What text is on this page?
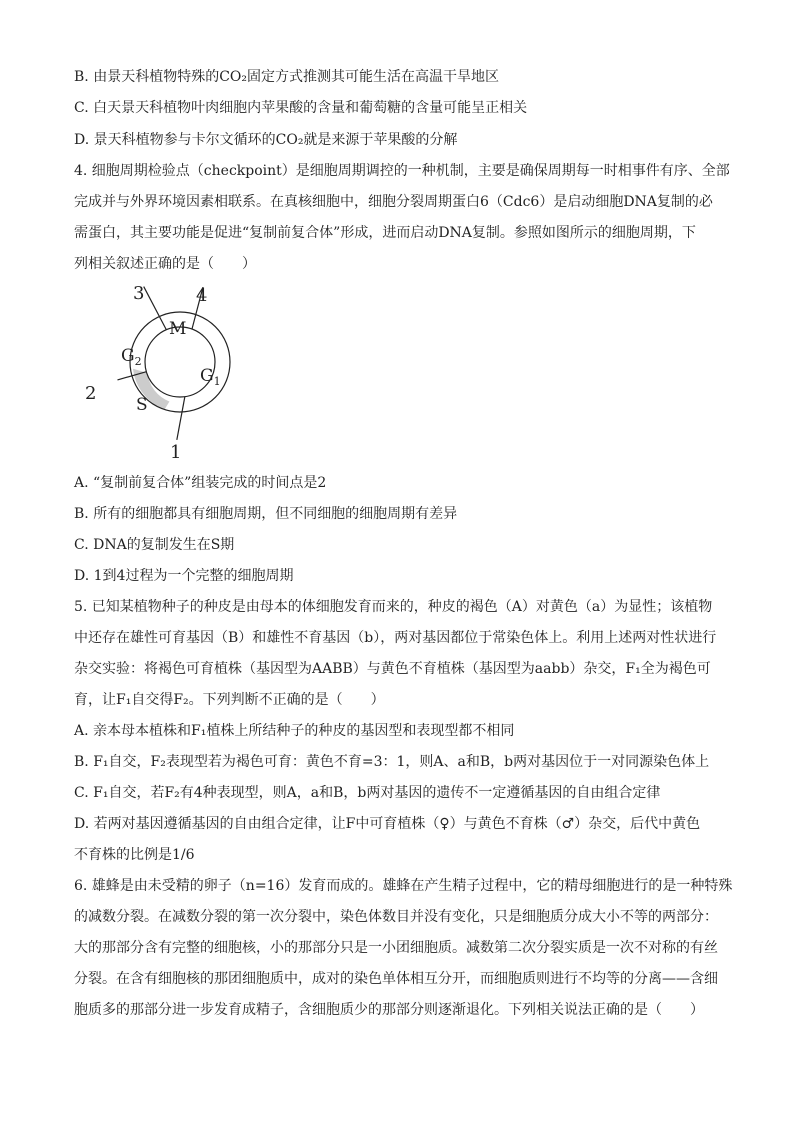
B. 由景天科植物特殊的CO₂固定方式推测其可能生活在高温干旱地区
C. 白天景天科植物叶肉细胞内苹果酸的含量和葡萄糖的含量可能呈正相关
D. 景天科植物参与卡尔文循环的CO₂就是来源于苹果酸的分解
4. 细胞周期检验点（checkpoint）是细胞周期调控的一种机制，主要是确保周期每一时相事件有序、全部
完成并与外界环境因素相联系。在真核细胞中，细胞分裂周期蛋白6（Cdc6）是启动细胞DNA复制的必
需蛋白，其主要功能是促进“复制前复合体”形成，进而启动DNA复制。参照如图所示的细胞周期，下
列相关叙述正确的是（　　）
A. “复制前复合体”组装完成的时间点是2
B. 所有的细胞都具有细胞周期，但不同细胞的细胞周期有差异
C. DNA的复制发生在S期
D. 1到4过程为一个完整的细胞周期
5. 已知某植物种子的种皮是由母本的体细胞发育而来的，种皮的褐色（A）对黄色（a）为显性；该植物
中还存在雄性可育基因（B）和雄性不育基因（b），两对基因都位于常染色体上。利用上述两对性状进行
杂交实验：将褐色可育植株（基因型为AABB）与黄色不育植株（基因型为aabb）杂交，F₁全为褐色可
育，让F₁自交得F₂。下列判断不正确的是（　　）
A. 亲本母本植株和F₁植株上所结种子的种皮的基因型和表现型都不相同
B. F₁自交，F₂表现型若为褐色可育：黄色不育=3：1，则A、a和B，b两对基因位于一对同源染色体上
C. F₁自交，若F₂有4种表现型，则A，a和B，b两对基因的遗传不一定遵循基因的自由组合定律
D. 若两对基因遵循基因的自由组合定律，让F中可育植株（♀）与黄色不育株（♂）杂交，后代中黄色
不育株的比例是1/6
6. 雄蜂是由未受精的卵子（n=16）发育而成的。雄蜂在产生精子过程中，它的精母细胞进行的是一种特殊
的减数分裂。在减数分裂的第一次分裂中，染色体数目并没有变化，只是细胞质分成大小不等的两部分：
大的那部分含有完整的细胞核，小的那部分只是一小团细胞质。减数第二次分裂实质是一次不对称的有丝
分裂。在含有细胞核的那团细胞质中，成对的染色单体相互分开，而细胞质则进行不均等的分离——含细
胞质多的那部分进一步发育成精子，含细胞质少的那部分则逐渐退化。下列相关说法正确的是（　　）
M
$G_2$
S
$G_1$
1
2
3	4
